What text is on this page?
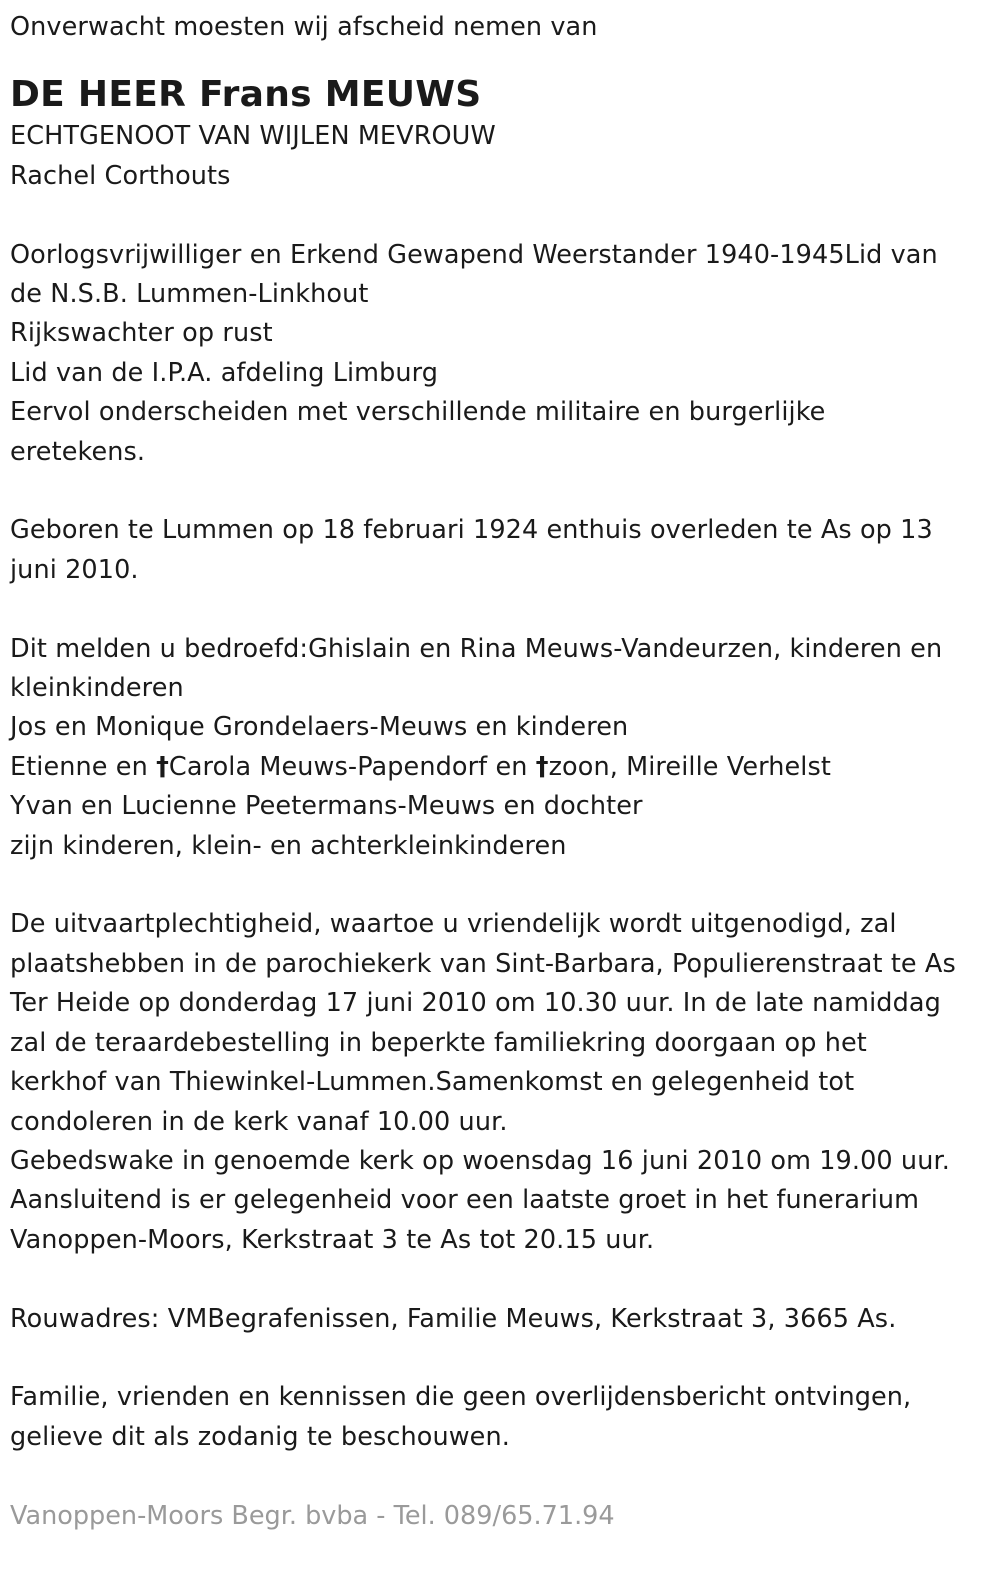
Onverwacht moesten wij afscheid nemen van
DE HEER Frans MEUWS
ECHTGENOOT VAN WIJLEN MEVROUW
Rachel Corthouts
Oorlogsvrijwilliger en Erkend Gewapend Weerstander 1940-1945Lid van
de N.S.B. Lummen-Linkhout
Rijkswachter op rust
Lid van de I.P.A. afdeling Limburg
Eervol onderscheiden met verschillende militaire en burgerlijke
eretekens.
Geboren te Lummen op 18 februari 1924 enthuis overleden te As op 13
juni 2010.
Dit melden u bedroefd:Ghislain en Rina Meuws-Vandeurzen, kinderen en
kleinkinderen
Jos en Monique Grondelaers-Meuws en kinderen
Etienne en †Carola Meuws-Papendorf en †zoon, Mireille Verhelst
Yvan en Lucienne Peetermans-Meuws en dochter
zijn kinderen, klein- en achterkleinkinderen
De uitvaartplechtigheid, waartoe u vriendelijk wordt uitgenodigd, zal
plaatshebben in de parochiekerk van Sint-Barbara, Populierenstraat te As
Ter Heide op donderdag 17 juni 2010 om 10.30 uur. In de late namiddag
zal de teraardebestelling in beperkte familiekring doorgaan op het
kerkhof van Thiewinkel-Lummen.Samenkomst en gelegenheid tot
condoleren in de kerk vanaf 10.00 uur.
Gebedswake in genoemde kerk op woensdag 16 juni 2010 om 19.00 uur.
Aansluitend is er gelegenheid voor een laatste groet in het funerarium
Vanoppen-Moors, Kerkstraat 3 te As tot 20.15 uur.
Rouwadres: VMBegrafenissen, Familie Meuws, Kerkstraat 3, 3665 As.
Familie, vrienden en kennissen die geen overlijdensbericht ontvingen,
gelieve dit als zodanig te beschouwen.
Vanoppen-Moors Begr. bvba - Tel. 089/65.71.94
